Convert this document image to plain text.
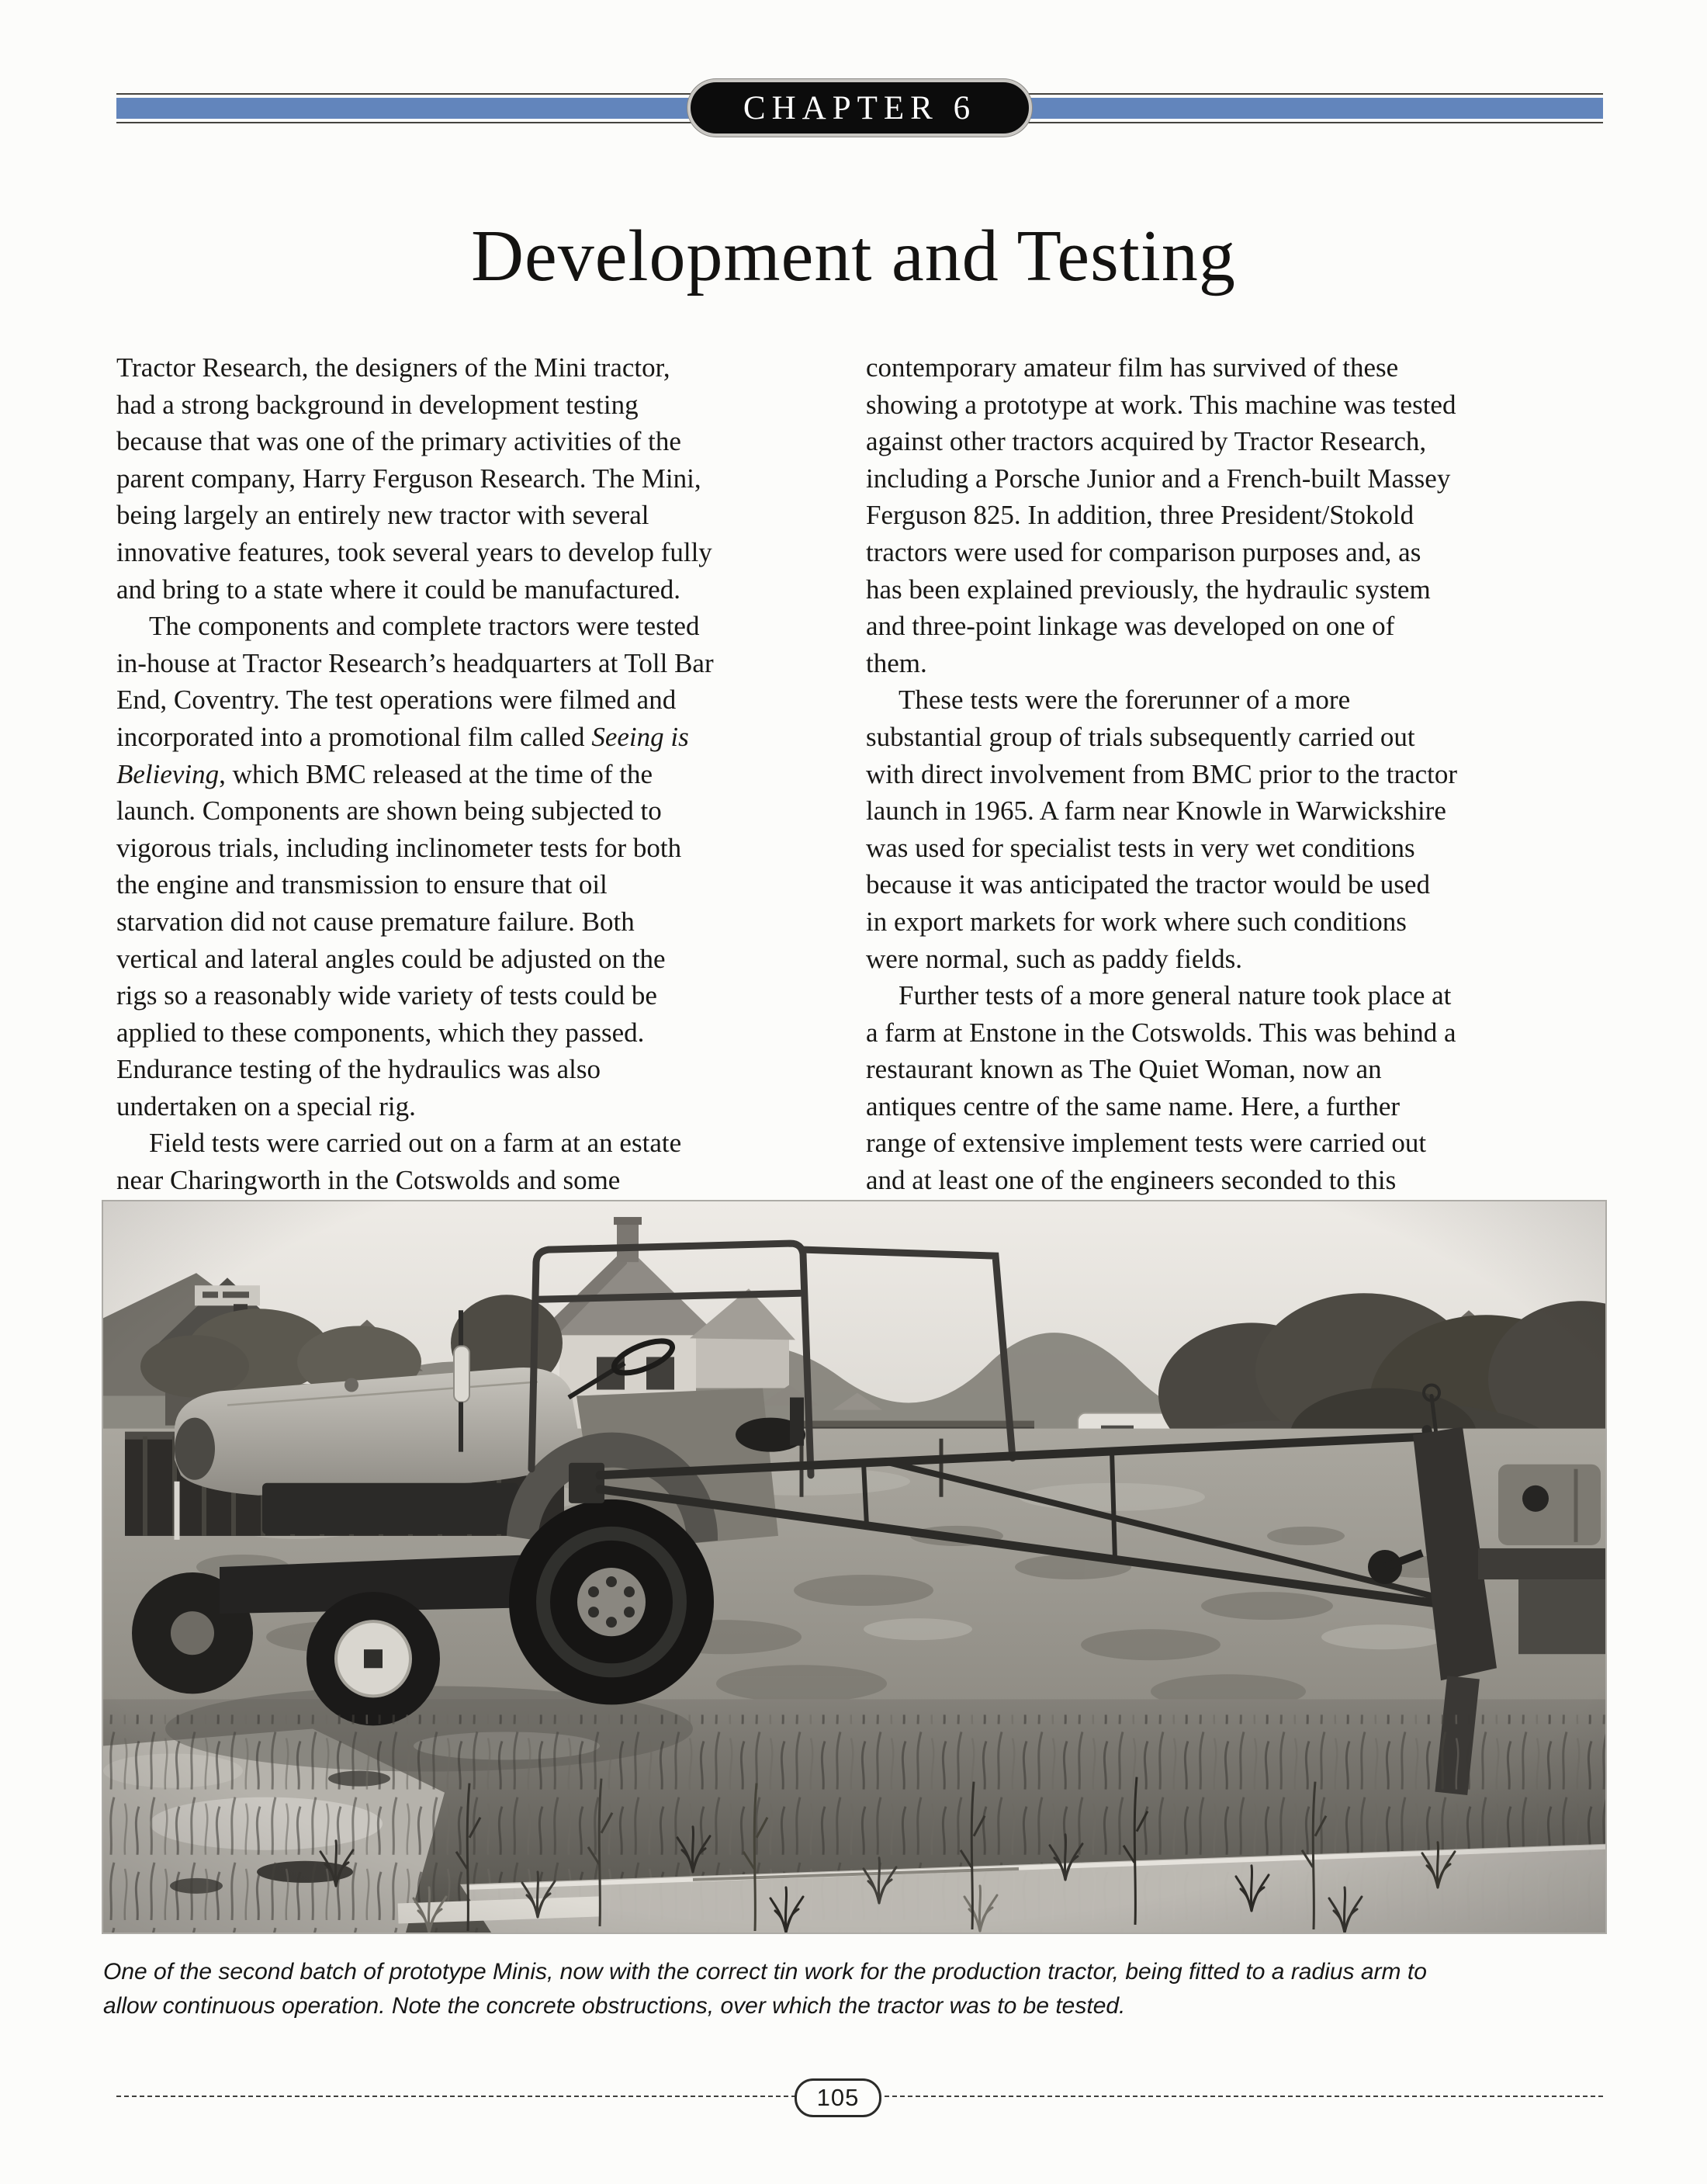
CHAPTER 6
Development and Testing
Tractor Research, the designers of the Mini tractor,
had a strong background in development testing
because that was one of the primary activities of the
parent company, Harry Ferguson Research. The Mini,
being largely an entirely new tractor with several
innovative features, took several years to develop fully
and bring to a state where it could be manufactured.
The components and complete tractors were tested
in-house at Tractor Research’s headquarters at Toll Bar
End, Coventry. The test operations were filmed and
incorporated into a promotional film called Seeing is
Believing, which BMC released at the time of the
launch. Components are shown being subjected to
vigorous trials, including inclinometer tests for both
the engine and transmission to ensure that oil
starvation did not cause premature failure. Both
vertical and lateral angles could be adjusted on the
rigs so a reasonably wide variety of tests could be
applied to these components, which they passed.
Endurance testing of the hydraulics was also
undertaken on a special rig.
Field tests were carried out on a farm at an estate
near Charingworth in the Cotswolds and some
contemporary amateur film has survived of these
showing a prototype at work. This machine was tested
against other tractors acquired by Tractor Research,
including a Porsche Junior and a French-built Massey
Ferguson 825. In addition, three President/Stokold
tractors were used for comparison purposes and, as
has been explained previously, the hydraulic system
and three-point linkage was developed on one of
them.
These tests were the forerunner of a more
substantial group of trials subsequently carried out
with direct involvement from BMC prior to the tractor
launch in 1965. A farm near Knowle in Warwickshire
was used for specialist tests in very wet conditions
because it was anticipated the tractor would be used
in export markets for work where such conditions
were normal, such as paddy fields.
Further tests of a more general nature took place at
a farm at Enstone in the Cotswolds. This was behind a
restaurant known as The Quiet Woman, now an
antiques centre of the same name. Here, a further
range of extensive implement tests were carried out
and at least one of the engineers seconded to this
One of the second batch of prototype Minis, now with the correct tin work for the production tractor, being fitted to a radius arm to
allow continuous operation. Note the concrete obstructions, over which the tractor was to be tested.
105
